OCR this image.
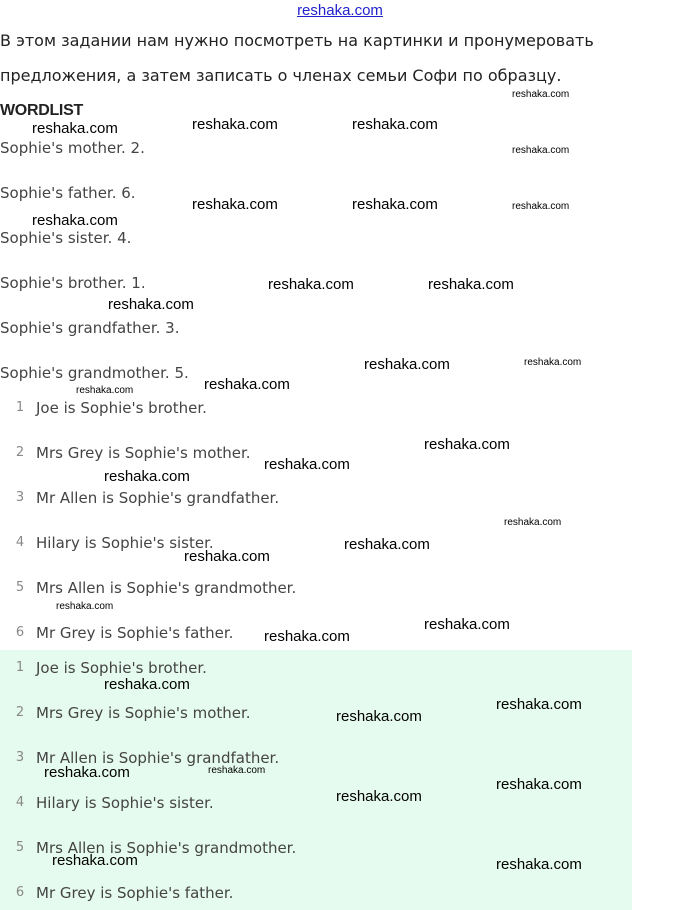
reshaka.com
В этом задании нам нужно посмотреть на картинки и пронумеровать
предложения, а затем записать о членах семьи Софи по образцу.
WORDLIST
Sophie's mother. 2.
Sophie's father. 6.
Sophie's sister. 4.
Sophie's brother. 1.
Sophie's grandfather. 3.
Sophie's grandmother. 5.
1 Joe is Sophie's brother.
2 Mrs Grey is Sophie's mother.
3 Mr Allen is Sophie's grandfather.
4 Hilary is Sophie's sister.
5 Mrs Allen is Sophie's grandmother.
6 Mr Grey is Sophie's father.
1 Joe is Sophie's brother.
2 Mrs Grey is Sophie's mother.
3 Mr Allen is Sophie's grandfather.
4 Hilary is Sophie's sister.
5 Mrs Allen is Sophie's grandmother.
6 Mr Grey is Sophie's father.
reshaka.com
reshaka.com	reshaka.com	reshaka.com
reshaka.com
reshaka.com	reshaka.com	reshaka.com
reshaka.com
reshaka.com	reshaka.com
reshaka.com
reshaka.com
reshaka.com
reshaka.com
reshaka.com
reshaka.com
reshaka.com
reshaka.com
reshaka.com
reshaka.com
reshaka.com
reshaka.com
reshaka.com
reshaka.com
reshaka.com
reshaka.com
reshaka.com
reshaka.com
reshaka.com
reshaka.com
reshaka.com
reshaka.com	reshaka.com
